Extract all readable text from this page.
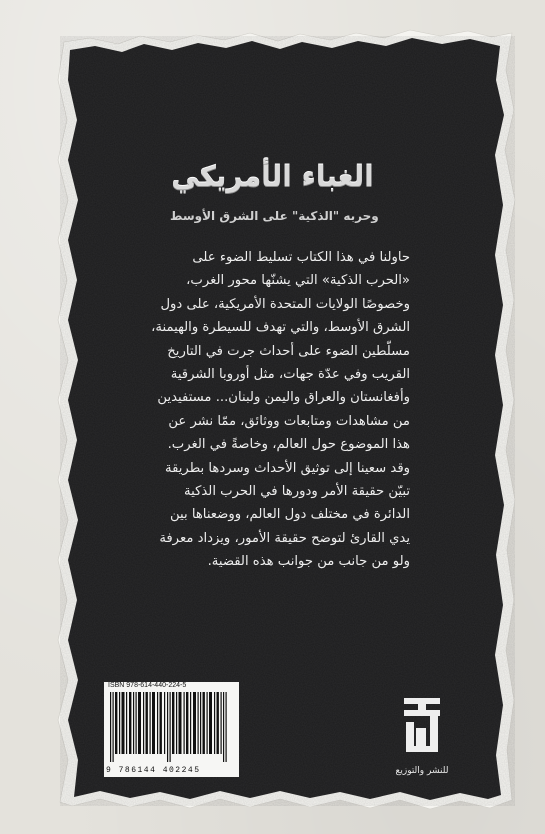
الغباء الأمريكي
وحربه "الذكية" على الشرق الأوسط

حاولنا في هذا الكتاب تسليط الضوء على

«الحرب الذكية» التي يشنّها محور الغرب،

وخصوصًا الولايات المتحدة الأمريكية، على دول

الشرق الأوسط، والتي تهدف للسيطرة والهيمنة،

مسلّطين الضوء على أحداث جرت في التاريخ

القريب وفي عدّة جهات، مثل أوروبا الشرقية

وأفغانستان والعراق واليمن ولبنان... مستفيدين

من مشاهدات ومتابعات ووثائق، ممّا نشر عن

هذا الموضوع حول العالم، وخاصةً في الغرب.

وقد سعينا إلى توثيق الأحداث وسردها بطريقة

تبيّن حقيقة الأمر ودورها في الحرب الذكية

الدائرة في مختلف دول العالم، ووضعناها بين

يدي القارئ لتوضح حقيقة الأمور، ويزداد معرفة

ولو من جانب من جوانب هذه القضية.

ISBN 978-614-440-224-5
9 786144 402245	للنشر والتوزيع
